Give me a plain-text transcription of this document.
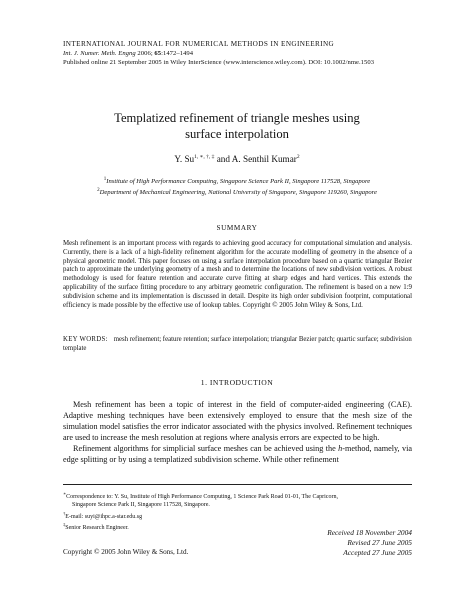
INTERNATIONAL JOURNAL FOR NUMERICAL METHODS IN ENGINEERING
Int. J. Numer. Meth. Engng 2006; 65:1472–1494
Published online 21 September 2005 in Wiley InterScience (www.interscience.wiley.com). DOI: 10.1002/nme.1503
Templatized refinement of triangle meshes using
surface interpolation
Y. $Su^{1, ∗, \dagger, \ddagger}$ and A. Senthil Kumar$^2$
$^1$Institute of High Performance Computing, Singapore Science Park II, Singapore 117528, Singapore
$^2$Department of Mechanical Engineering, National University of Singapore, Singapore 119260, Singapore
SUMMARY
Mesh refinement is an important process with regards to achieving good accuracy for computational simulation and analysis. Currently, there is a lack of a high-fidelity refinement algorithm for the accurate modelling of geometry in the absence of a physical geometric model. This paper focuses on using a surface interpolation procedure based on a quartic triangular Bezier patch to approximate the underlying geometry of a mesh and to determine the locations of new subdivision vertices. A robust methodology is used for feature retention and accurate curve fitting at sharp edges and hard vertices. This extends the applicability of the surface fitting procedure to any arbitrary geometric configuration. The refinement is based on a new 1:9 subdivision scheme and its implementation is discussed in detail. Despite its high order subdivision footprint, computational efficiency is made possible by the effective use of lookup tables. Copyright © 2005 John Wiley & Sons, Ltd.
KEY WORDS: mesh refinement; feature retention; surface interpolation; triangular Bezier patch; quartic surface; subdivision template
1. INTRODUCTION

Mesh refinement has been a topic of interest in the field of computer-aided engineering (CAE). Adaptive meshing techniques have been extensively employed to ensure that the mesh size of the simulation model satisfies the error indicator associated with the physics involved. Refinement techniques are used to increase the mesh resolution at regions where analysis errors are expected to be high.

Refinement algorithms for simplicial surface meshes can be achieved using the h-method, namely, via edge splitting or by using a templatized subdivision scheme. While other refinement

∗Correspondence to: Y. Su, Institute of High Performance Computing, 1 Science Park Road 01-01, The Capricorn,
Singapore Science Park II, Singapore 117528, Singapore.
†E-mail: suyi@ihpc.a-star.edu.sg
‡Senior Research Engineer.	Received 18 November 2004
Revised 27 June 2005
Accepted 27 June 2005
Copyright © 2005 John Wiley & Sons, Ltd.
